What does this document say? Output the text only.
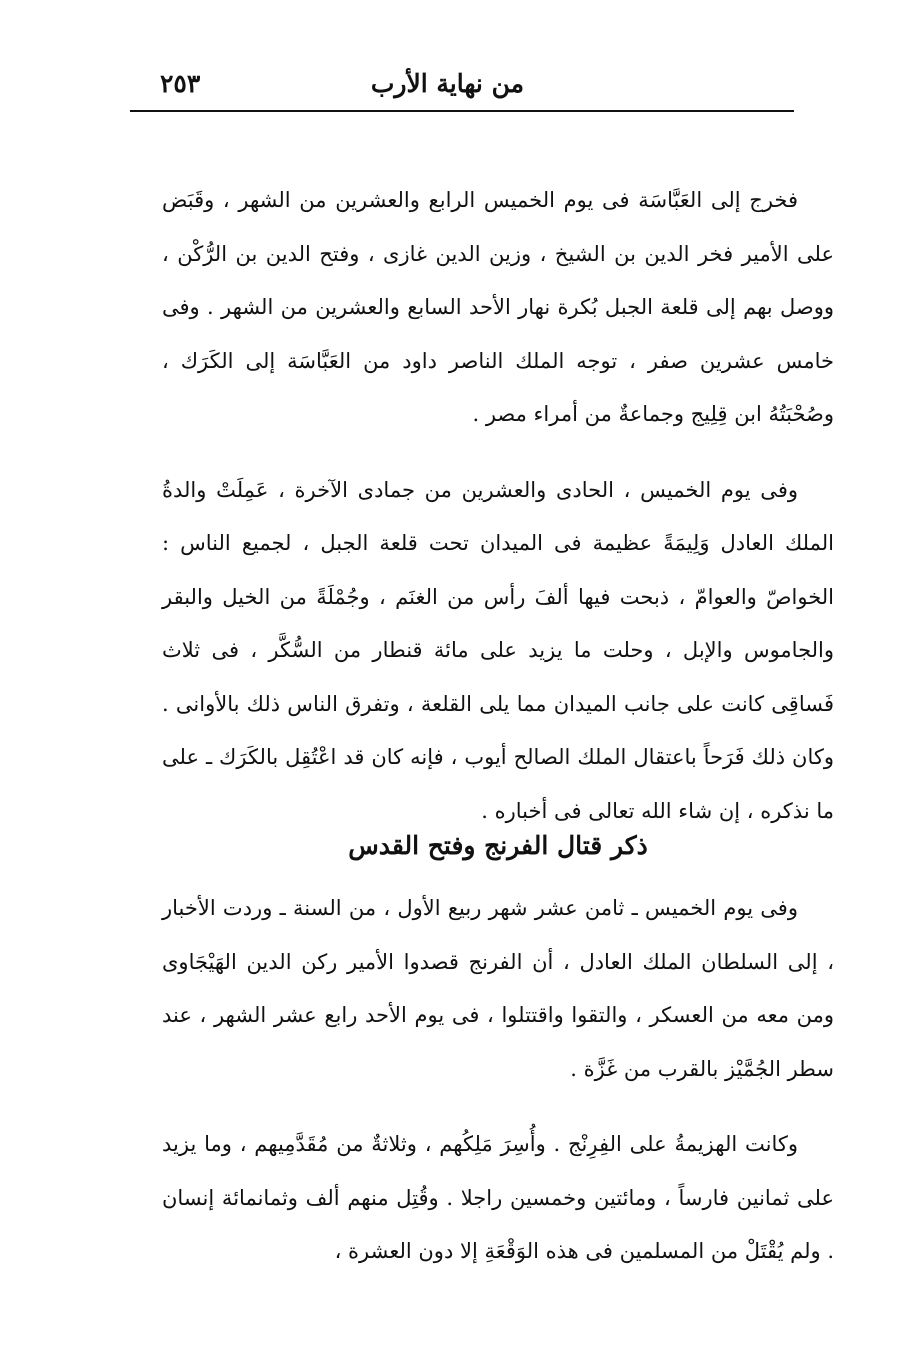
من نهاية الأرب
٢٥٣

فخرج إلى العَبَّاسَة فى يوم الخميس الرابع والعشرين من الشهر ، وقَبَض على الأمير فخر الدين بن الشيخ ، وزين الدين غازى ، وفتح الدين بن الرُّكْن ، ووصل بهم إلى قلعة الجبل بُكرة نهار الأحد السابع والعشرين من الشهر . وفى خامس عشرين صفر ، توجه الملك الناصر داود من العَبَّاسَة إلى الكَرَك ، وصُحْبَتُهُ ابن قِلِيج وجماعةٌ من أمراء مصر .

وفى يوم الخميس ، الحادى والعشرين من جمادى الآخرة ، عَمِلَتْ والدةُ الملك العادل وَلِيمَةً عظيمة فى الميدان تحت قلعة الجبل ، لجميع الناس : الخواصّ والعوامّ ، ذبحت فيها ألفَ رأس من الغنَم ، وجُمْلَةً من الخيل والبقر والجاموس والإبل ، وحلت ما يزيد على مائة قنطار من السُّكَّر ، فى ثلاث فَساقِى كانت على جانب الميدان مما يلى القلعة ، وتفرق الناس ذلك بالأوانى . وكان ذلك فَرَحاً باعتقال الملك الصالح أيوب ، فإنه كان قد اعْتُقِل بالكَرَك ـ على ما نذكره ، إن شاء الله تعالى فى أخباره .

ذكر قتال الفرنج وفتح القدس

وفى يوم الخميس ـ ثامن عشر شهر ربيع الأول ، من السنة ـ وردت الأخبار ، إلى السلطان الملك العادل ، أن الفرنج قصدوا الأمير ركن الدين الهَيْجَاوى ومن معه من العسكر ، والتقوا واقتتلوا ، فى يوم الأحد رابع عشر الشهر ، عند سطر الجُمَّيْز بالقرب من غَزَّة .

وكانت الهزيمةُ على الفِرِنْج . وأُسِرَ مَلِكُهم ، وثلاثةٌ من مُقَدَّمِيهم ، وما يزيد على ثمانين فارساً ، ومائتين وخمسين راجلا . وقُتِل منهم ألف وثمانمائة إنسان . ولم يُقْتَلْ من المسلمين فى هذه الوَقْعَةِ إلا دون العشرة ،
